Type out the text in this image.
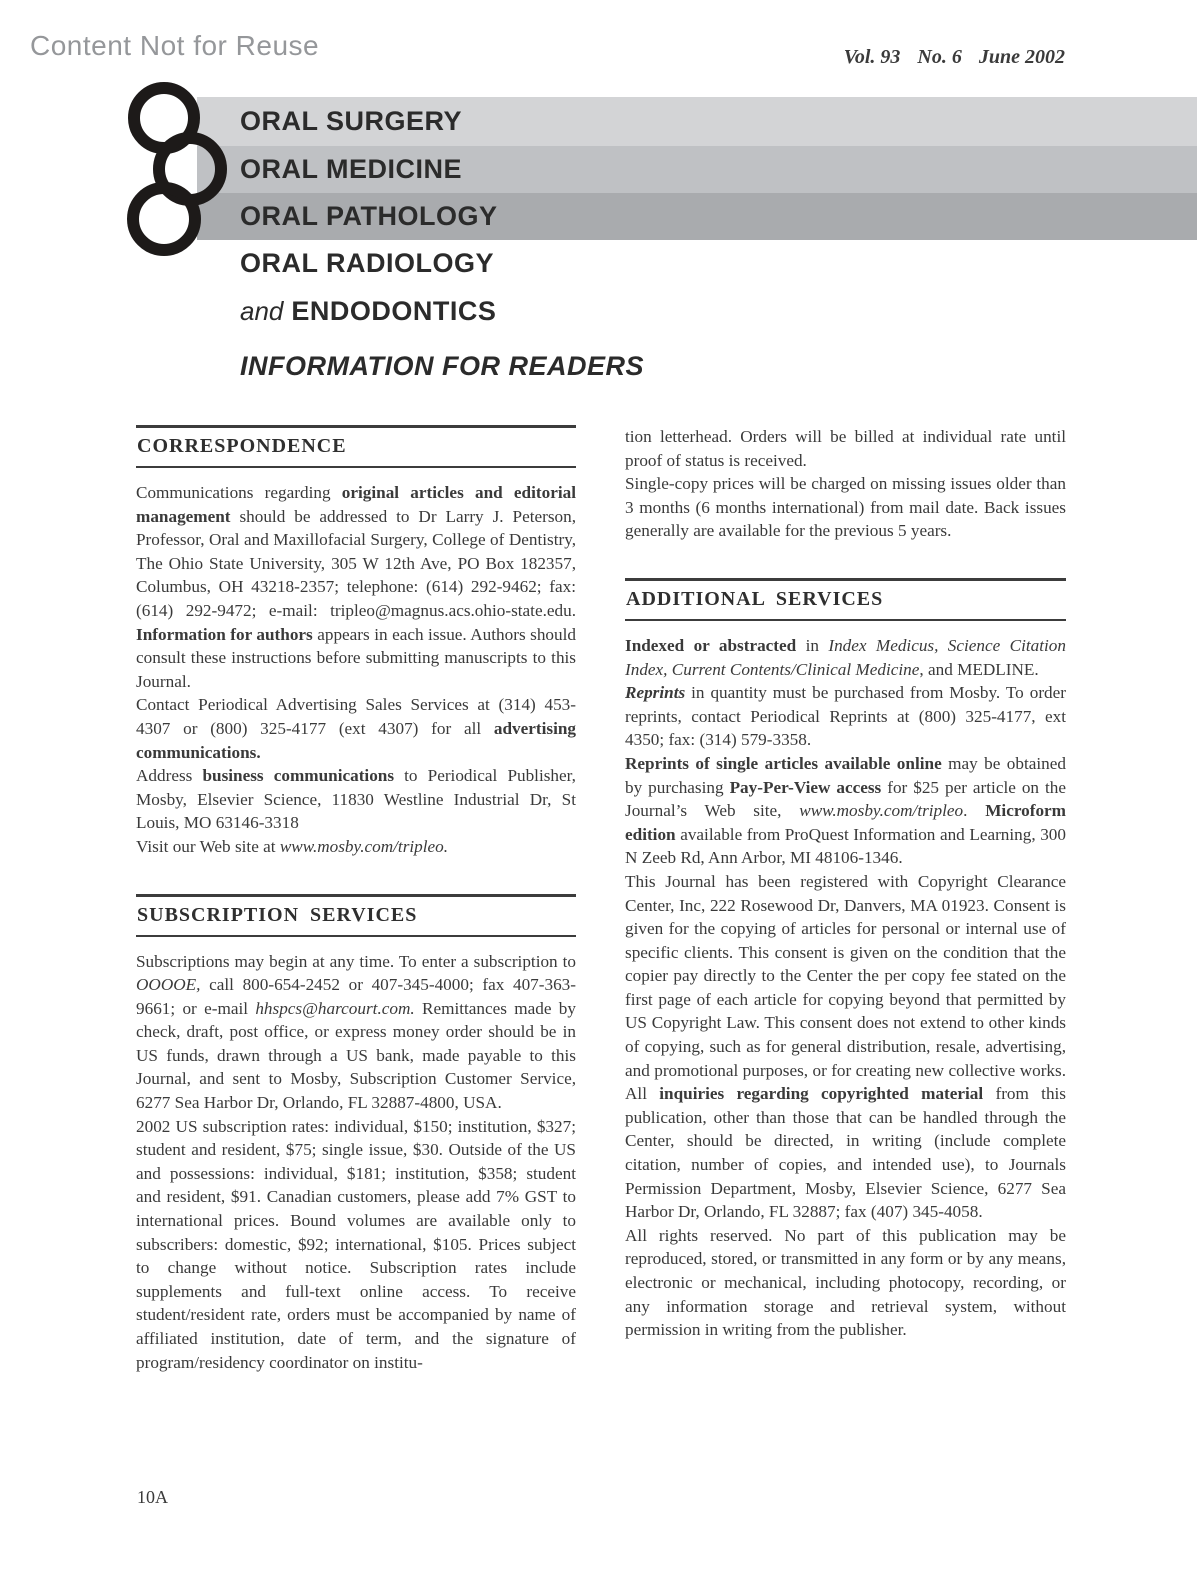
Content Not for Reuse	Vol. 93 No. 6 June 2002
ORAL SURGERY
ORAL MEDICINE
ORAL PATHOLOGY
ORAL RADIOLOGY
and ENDODONTICS
INFORMATION FOR READERS
CORRESPONDENCE

Communications regarding original articles and editorial management should be addressed to Dr Larry J. Peterson, Professor, Oral and Maxillofacial Surgery, College of Dentistry, The Ohio State University, 305 W 12th Ave, PO Box 182357, Columbus, OH 43218-2357; telephone: (614) 292-9462; fax: (614) 292-9472; e-mail: tripleo@magnus.acs.ohio-state.edu. Information for authors appears in each issue. Authors should consult these instructions before submitting manuscripts to this Journal.

Contact Periodical Advertising Sales Services at (314) 453-4307 or (800) 325-4177 (ext 4307) for all advertising communications.

Address business communications to Periodical Publisher, Mosby, Elsevier Science, 11830 Westline Industrial Dr, St Louis, MO 63146-3318

Visit our Web site at www.mosby.com/tripleo.

SUBSCRIPTION SERVICES

Subscriptions may begin at any time. To enter a subscription to OOOOE, call 800-654-2452 or 407-345-4000; fax 407-363-9661; or e-mail hhspcs@harcourt.com. Remittances made by check, draft, post office, or express money order should be in US funds, drawn through a US bank, made payable to this Journal, and sent to Mosby, Subscription Customer Service, 6277 Sea Harbor Dr, Orlando, FL 32887-4800, USA.

2002 US subscription rates: individual, $150; institution, $327; student and resident, $75; single issue, $30. Outside of the US and possessions: individual, $181; institution, $358; student and resident, $91. Canadian customers, please add 7% GST to international prices. Bound volumes are available only to subscribers: domestic, $92; international, $105. Prices subject to change without notice. Subscription rates include supplements and full-text online access. To receive student/resident rate, orders must be accompanied by name of affiliated institution, date of term, and the signature of program/residency coordinator on institu-

tion letterhead. Orders will be billed at individual rate until proof of status is received.

Single-copy prices will be charged on missing issues older than 3 months (6 months international) from mail date. Back issues generally are available for the previous 5 years.

ADDITIONAL SERVICES

Indexed or abstracted in Index Medicus, Science Citation Index, Current Contents/Clinical Medicine, and MEDLINE.

Reprints in quantity must be purchased from Mosby. To order reprints, contact Periodical Reprints at (800) 325-4177, ext 4350; fax: (314) 579-3358.

Reprints of single articles available online may be obtained by purchasing Pay-Per-View access for $25 per article on the Journal’s Web site, www.mosby.com/tripleo. Microform edition available from ProQuest Information and Learning, 300 N Zeeb Rd, Ann Arbor, MI 48106-1346.

This Journal has been registered with Copyright Clearance Center, Inc, 222 Rosewood Dr, Danvers, MA 01923. Consent is given for the copying of articles for personal or internal use of specific clients. This consent is given on the condition that the copier pay directly to the Center the per copy fee stated on the first page of each article for copying beyond that permitted by US Copyright Law. This consent does not extend to other kinds of copying, such as for general distribution, resale, advertising, and promotional purposes, or for creating new collective works. All inquiries regarding copyrighted material from this publication, other than those that can be handled through the Center, should be directed, in writing (include complete citation, number of copies, and intended use), to Journals Permission Department, Mosby, Elsevier Science, 6277 Sea Harbor Dr, Orlando, FL 32887; fax (407) 345-4058.

All rights reserved. No part of this publication may be reproduced, stored, or transmitted in any form or by any means, electronic or mechanical, including photocopy, recording, or any information storage and retrieval system, without permission in writing from the publisher.

10A
